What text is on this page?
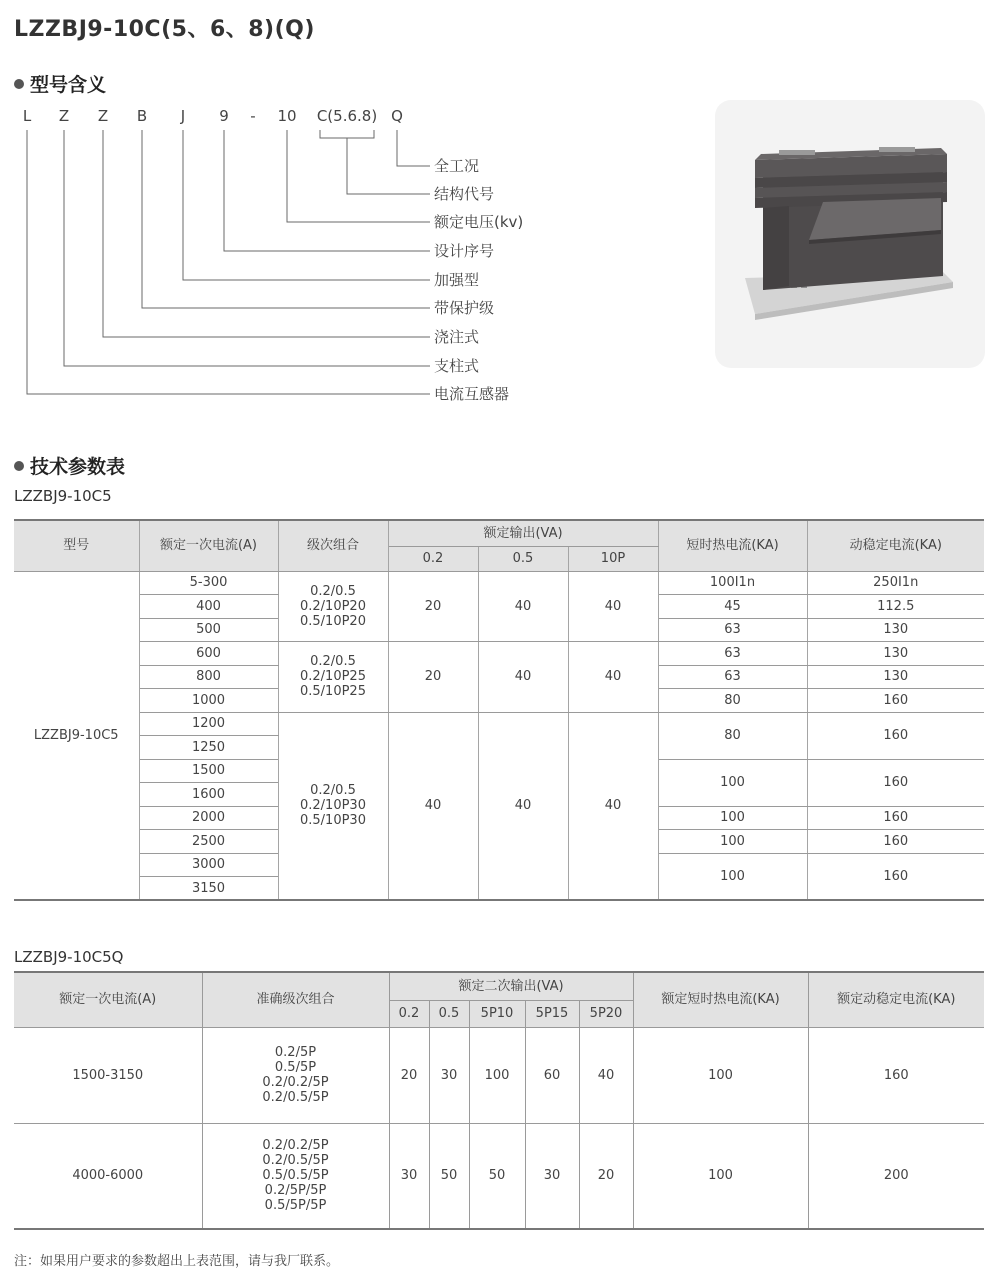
LZZBJ9-10C(5、6、8)(Q)
型号含义
L Z Z B J 9 - 10 C(5.6.8) Q
全工况
结构代号
额定电压(kv)
设计序号
加强型
带保护级
浇注式
支柱式
电流互感器
技术参数表
LZZBJ9-10C5
型号	额定一次电流(A)	级次组合	额定输出(VA)			短时热电流(KA)	动稳定电流(KA)
			0.2	0.5	10P		
LZZBJ9-10C5	5-300	0.2/0.5
0.2/10P20
0.5/10P20	20	40	40	100I1n	250I1n
	400					45	112.5
	500					63	130
	600	0.2/0.5
0.2/10P25
0.5/10P25	20	40	40	63	130
	800					63	130
	1000					80	160
	1200	0.2/0.5
0.2/10P30
0.5/10P30	40	40	40	80	160
	1250						
	1500					100	160
	1600						
	2000					100	160
	2500					100	160
	3000					100	160
	3150						
LZZBJ9-10C5Q
额定一次电流(A)	准确级次组合	额定二次输出(VA)					额定短时热电流(KA)	额定动稳定电流(KA)
		0.2	0.5	5P10	5P15	5P20		
1500-3150	0.2/5P
0.5/5P
0.2/0.2/5P
0.2/0.5/5P	20	30	100	60	40	100	160
4000-6000	0.2/0.2/5P
0.2/0.5/5P
0.5/0.5/5P
0.2/5P/5P
0.5/5P/5P	30	50	50	30	20	100	200

注：如果用户要求的参数超出上表范围，请与我厂联系。
